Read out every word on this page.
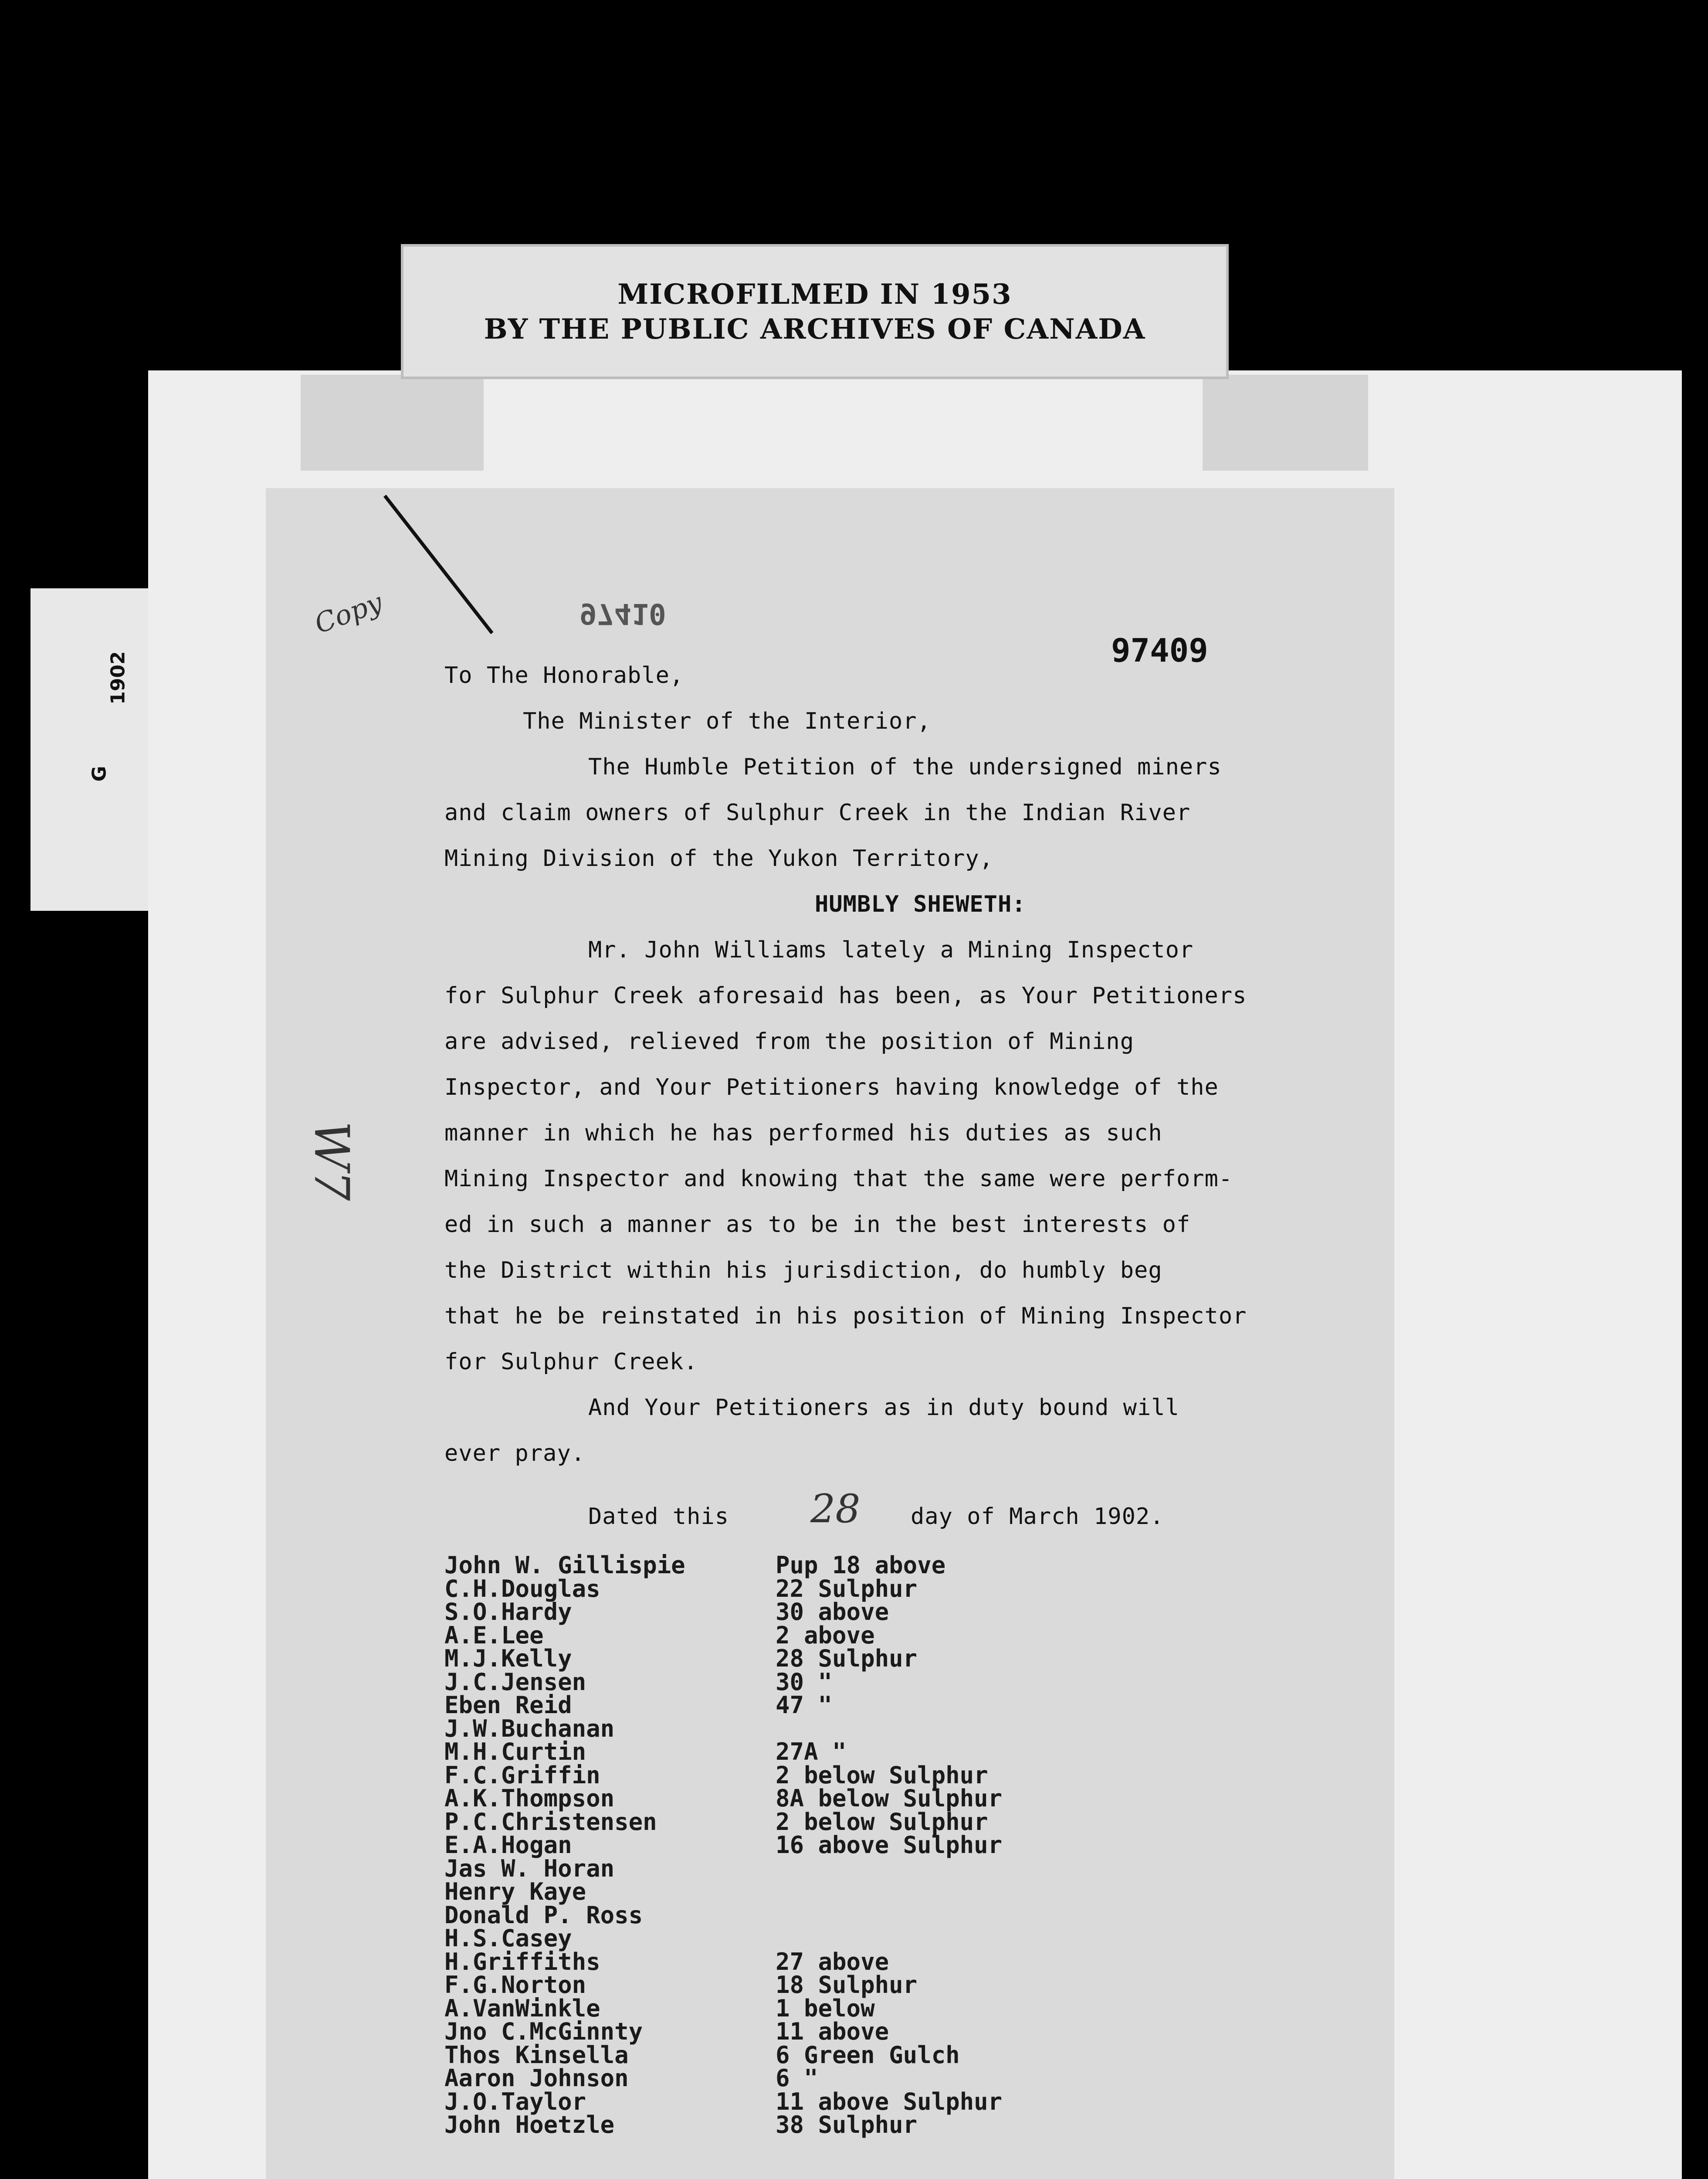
1902
G
MICROFILMED IN 1953
BY THE PUBLIC ARCHIVES OF CANADA
Copy	97410
97409
To The Honorable,
The Minister of the Interior,
The Humble Petition of the undersigned miners
and claim owners of Sulphur Creek in the Indian River
Mining Division of the Yukon Territory,
HUMBLY SHEWETH:
Mr. John Williams lately a Mining Inspector
for Sulphur Creek aforesaid has been, as Your Petitioners
are advised, relieved from the position of Mining
Inspector, and Your Petitioners having knowledge of the
manner in which he has performed his duties as such
Mining Inspector and knowing that the same were perform-
ed in such a manner as to be in the best interests of
the District within his jurisdiction, do humbly beg
that he be reinstated in his position of Mining Inspector
for Sulphur Creek.
W7
And Your Petitioners as in duty bound will
ever pray.
Dated this 28 day of March 1902.
John W. Gillispie	Pup 18 above
C.H.Douglas	22 Sulphur
S.O.Hardy	30 above
A.E.Lee	2 above
M.J.Kelly	28 Sulphur
J.C.Jensen	30 "
Eben Reid	47 "
J.W.Buchanan
M.H.Curtin	27A "
F.C.Griffin	2 below Sulphur
A.K.Thompson	8A below Sulphur
P.C.Christensen	2 below Sulphur
E.A.Hogan	16 above Sulphur
Jas W. Horan
Henry Kaye
Donald P. Ross
H.S.Casey
H.Griffiths	27 above
F.G.Norton	18 Sulphur
A.VanWinkle	1 below
Jno C.McGinnty	11 above
Thos Kinsella	6 Green Gulch
Aaron Johnson	6 "
J.O.Taylor	11 above Sulphur
John Hoetzle	38 Sulphur
